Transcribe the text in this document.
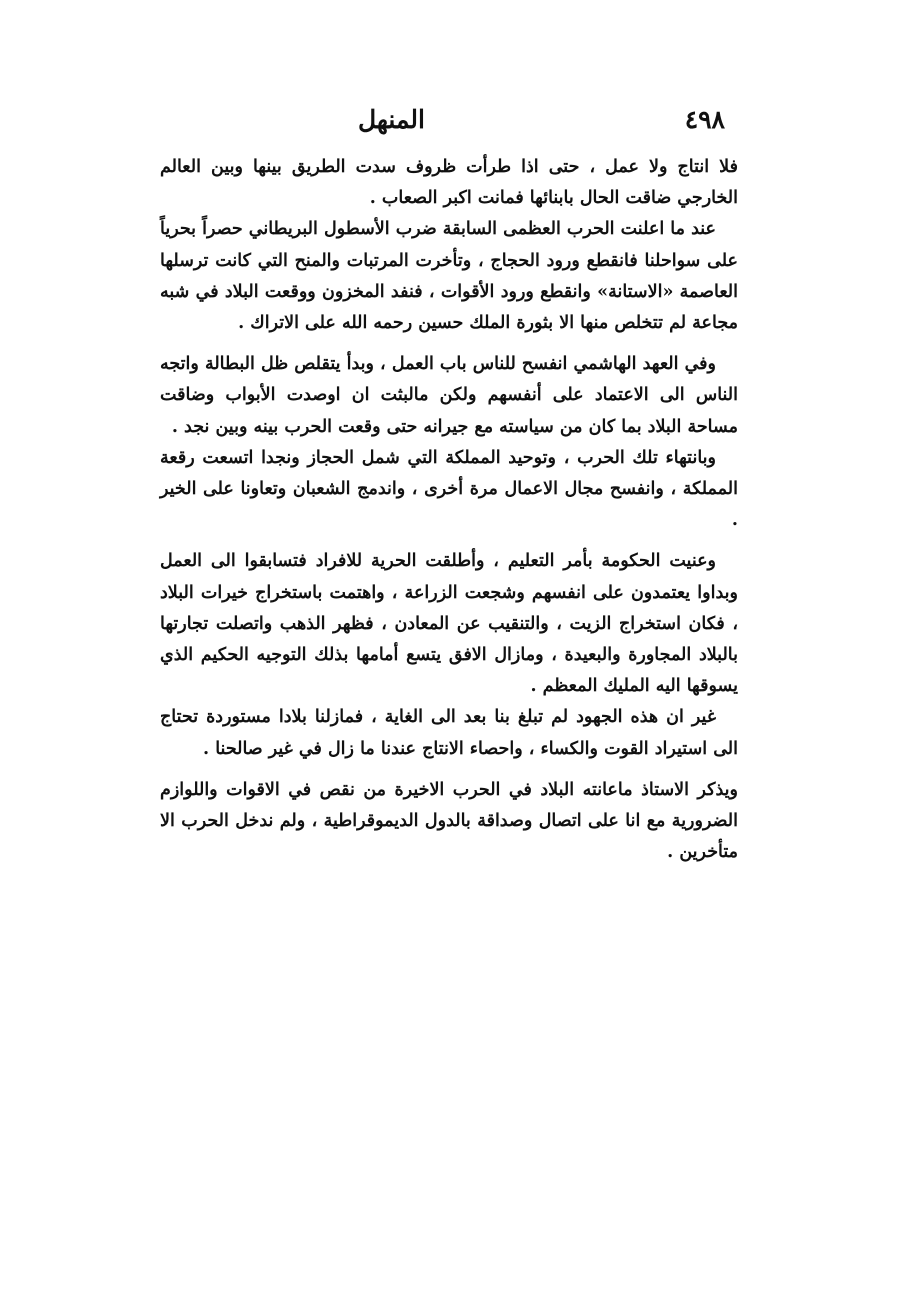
٤٩٨
المنهل

فلا انتاج ولا عمل ، حتى اذا طرأت ظروف سدت الطريق بينها وبين العالم الخارجي ضاقت الحال بابنائها فمانت اكبر الصعاب .

عند ما اعلنت الحرب العظمى السابقة ضرب الأسطول البريطاني حصراً بحرياً على سواحلنا فانقطع ورود الحجاج ، وتأخرت المرتبات والمنح التي كانت ترسلها العاصمة «الاستانة» وانقطع ورود الأقوات ، فنفد المخزون ووقعت البلاد في شبه مجاعة لم تتخلص منها الا بثورة الملك حسين رحمه الله على الاتراك .

وفي العهد الهاشمي انفسح للناس باب العمل ، وبدأ يتقلص ظل البطالة واتجه الناس الى الاعتماد على أنفسهم ولكن مالبثت ان اوصدت الأبواب وضاقت مساحة البلاد بما كان من سياسته مع جيرانه حتى وقعت الحرب بينه وبين نجد .

وبانتهاء تلك الحرب ، وتوحيد المملكة التي شمل الحجاز ونجدا اتسعت رقعة المملكة ، وانفسح مجال الاعمال مرة أخرى ، واندمج الشعبان وتعاونا على الخير .

وعنيت الحكومة بأمر التعليم ، وأطلقت الحرية للافراد فتسابقوا الى العمل وبداوا يعتمدون على انفسهم وشجعت الزراعة ، واهتمت باستخراج خيرات البلاد ، فكان استخراج الزيت ، والتنقيب عن المعادن ، فظهر الذهب واتصلت تجارتها بالبلاد المجاورة والبعيدة ، ومازال الافق يتسع أمامها بذلك التوجيه الحكيم الذي يسوقها اليه المليك المعظم .

غير ان هذه الجهود لم تبلغ بنا بعد الى الغاية ، فمازلنا بلادا مستوردة تحتاج الى استيراد القوت والكساء ، واحصاء الانتاج عندنا ما زال في غير صالحنا .

ويذكر الاستاذ ماعانته البلاد في الحرب الاخيرة من نقص في الاقوات واللوازم الضرورية مع انا على اتصال وصداقة بالدول الديموقراطية ، ولم ندخل الحرب الا متأخرين .
